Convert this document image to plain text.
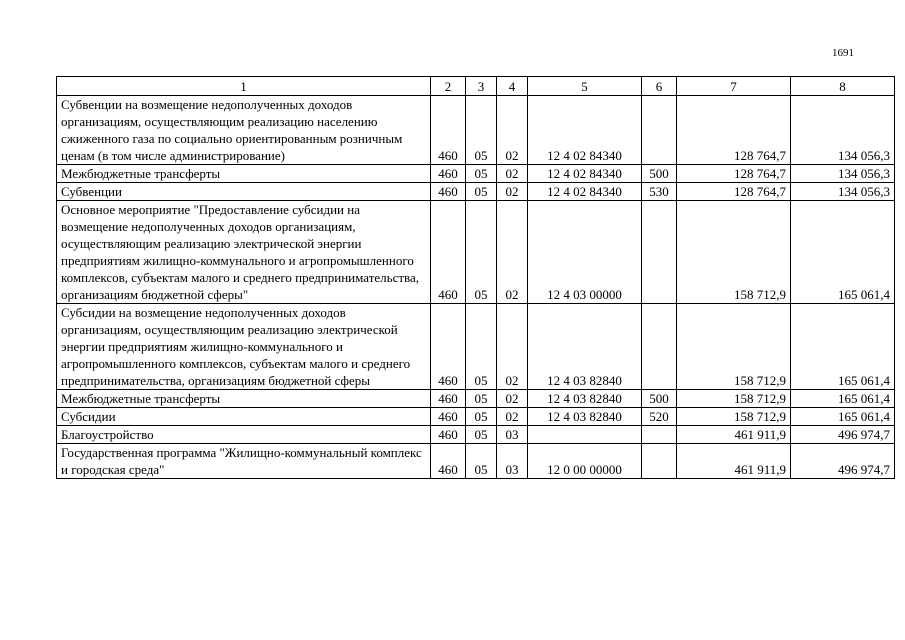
1691
1	2	3	4	5	6	7	8
Субвенции на возмещение недополученных доходов организациям, осуществляющим реализацию населению сжиженного газа по социально ориентированным розничным ценам (в том числе администрирование)	460	05	02	12 4 02 84340		128 764,7	134 056,3
Межбюджетные трансферты	460	05	02	12 4 02 84340	500	128 764,7	134 056,3
Субвенции	460	05	02	12 4 02 84340	530	128 764,7	134 056,3
Основное мероприятие "Предоставление субсидии на возмещение недополученных доходов организациям, осуществляющим реализацию электрической энергии предприятиям жилищно-коммунального и агропромышленного комплексов, субъектам малого и среднего предпринимательства, организациям бюджетной сферы"	460	05	02	12 4 03 00000		158 712,9	165 061,4
Субсидии на возмещение недополученных доходов организациям, осуществляющим реализацию электрической энергии предприятиям жилищно-коммунального и агропромышленного комплексов, субъектам малого и среднего предпринимательства, организациям бюджетной сферы	460	05	02	12 4 03 82840		158 712,9	165 061,4
Межбюджетные трансферты	460	05	02	12 4 03 82840	500	158 712,9	165 061,4
Субсидии	460	05	02	12 4 03 82840	520	158 712,9	165 061,4
Благоустройство	460	05	03			461 911,9	496 974,7
Государственная программа "Жилищно-коммунальный комплекс и городская среда"	460	05	03	12 0 00 00000		461 911,9	496 974,7
